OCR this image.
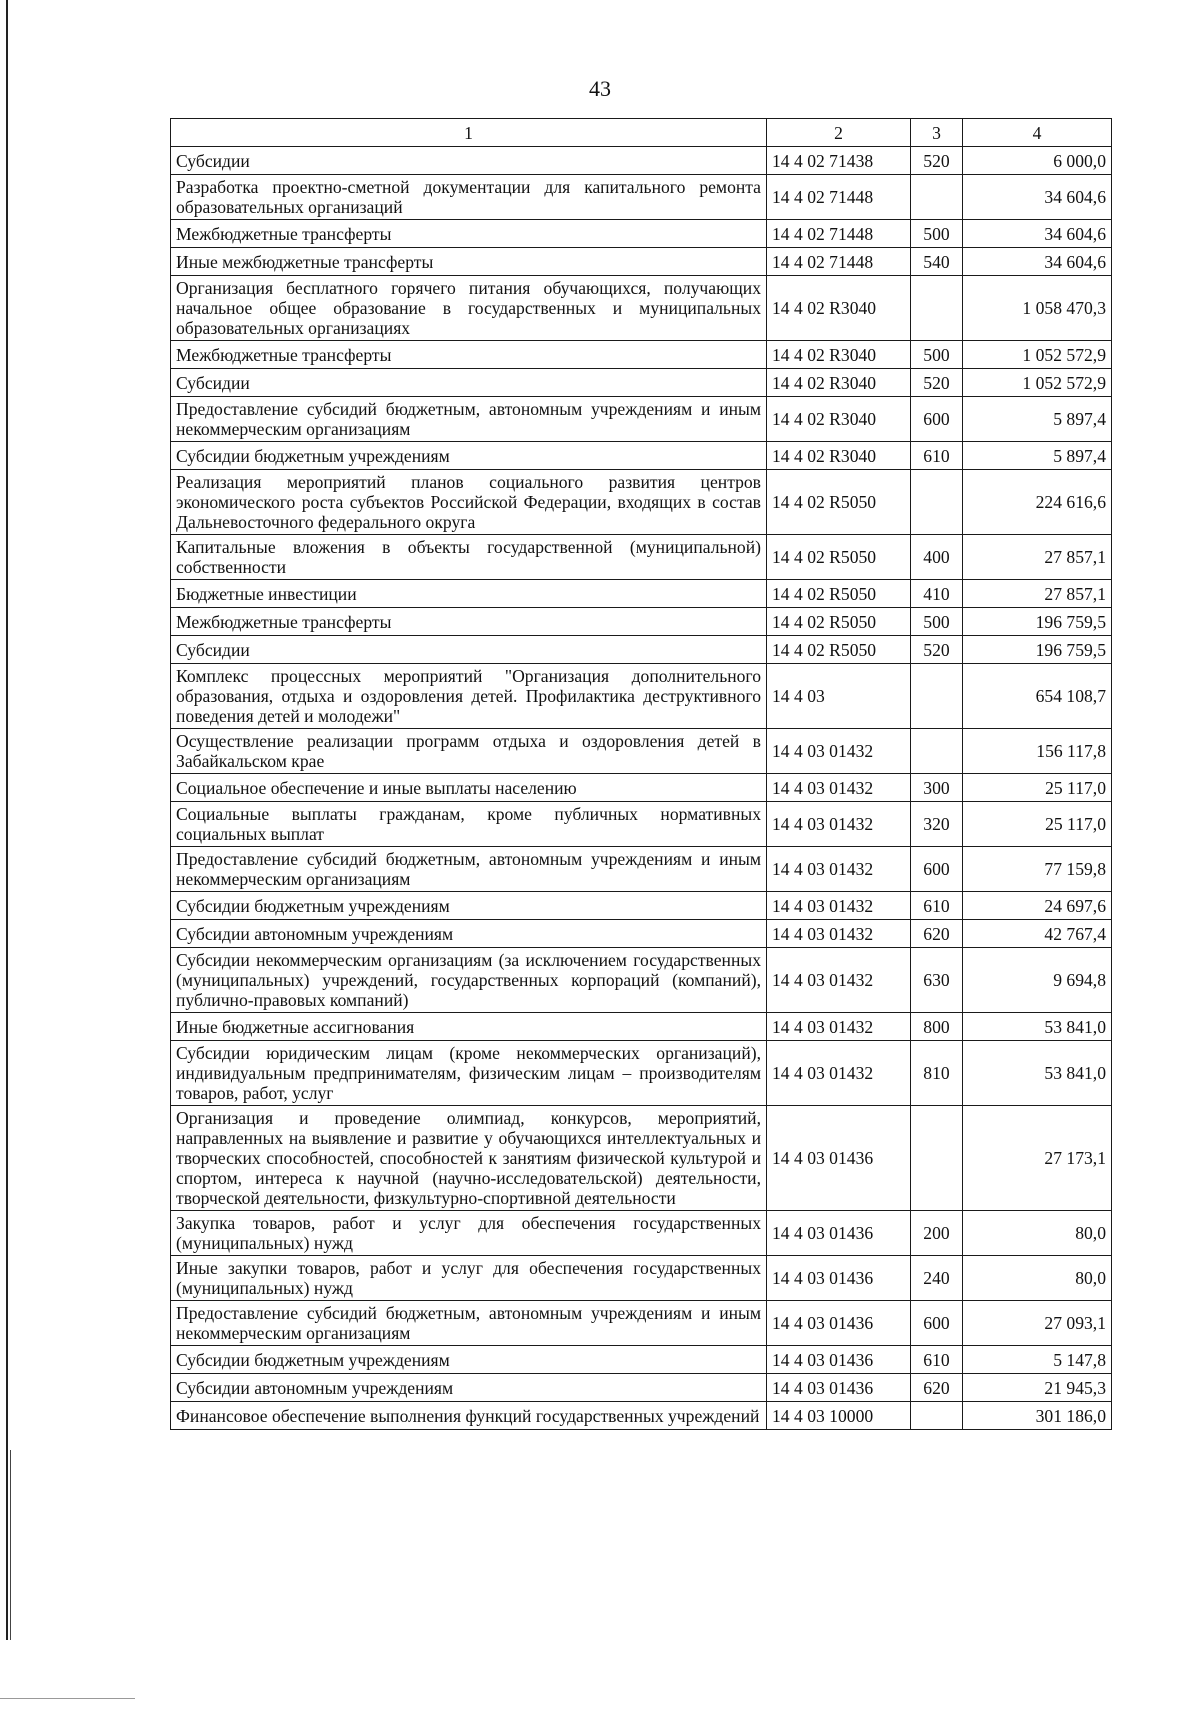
43
1	2	3	4
Субсидии	14 4 02 71438	520	6 000,0
Разработка проектно-сметной документации для капитального ремонта образовательных организаций	14 4 02 71448		34 604,6
Межбюджетные трансферты	14 4 02 71448	500	34 604,6
Иные межбюджетные трансферты	14 4 02 71448	540	34 604,6
Организация бесплатного горячего питания обучающихся, получающих начальное общее образование в государственных и муниципальных образовательных организациях	14 4 02 R3040		1 058 470,3
Межбюджетные трансферты	14 4 02 R3040	500	1 052 572,9
Субсидии	14 4 02 R3040	520	1 052 572,9
Предоставление субсидий бюджетным, автономным учреждениям и иным некоммерческим организациям	14 4 02 R3040	600	5 897,4
Субсидии бюджетным учреждениям	14 4 02 R3040	610	5 897,4
Реализация мероприятий планов социального развития центров экономического роста субъектов Российской Федерации, входящих в состав Дальневосточного федерального округа	14 4 02 R5050		224 616,6
Капитальные вложения в объекты государственной (муниципальной) собственности	14 4 02 R5050	400	27 857,1
Бюджетные инвестиции	14 4 02 R5050	410	27 857,1
Межбюджетные трансферты	14 4 02 R5050	500	196 759,5
Субсидии	14 4 02 R5050	520	196 759,5
Комплекс процессных мероприятий "Организация дополнительного образования, отдыха и оздоровления детей. Профилактика деструктивного поведения детей и молодежи"	14 4 03		654 108,7
Осуществление реализации программ отдыха и оздоровления детей в Забайкальском крае	14 4 03 01432		156 117,8
Социальное обеспечение и иные выплаты населению	14 4 03 01432	300	25 117,0
Социальные выплаты гражданам, кроме публичных нормативных социальных выплат	14 4 03 01432	320	25 117,0
Предоставление субсидий бюджетным, автономным учреждениям и иным некоммерческим организациям	14 4 03 01432	600	77 159,8
Субсидии бюджетным учреждениям	14 4 03 01432	610	24 697,6
Субсидии автономным учреждениям	14 4 03 01432	620	42 767,4
Субсидии некоммерческим организациям (за исключением государственных (муниципальных) учреждений, государственных корпораций (компаний), публично-правовых компаний)	14 4 03 01432	630	9 694,8
Иные бюджетные ассигнования	14 4 03 01432	800	53 841,0
Субсидии юридическим лицам (кроме некоммерческих организаций), индивидуальным предпринимателям, физическим лицам – производителям товаров, работ, услуг	14 4 03 01432	810	53 841,0
Организация и проведение олимпиад, конкурсов, мероприятий, направленных на выявление и развитие у обучающихся интеллектуальных и творческих способностей, способностей к занятиям физической культурой и спортом, интереса к научной (научно-исследовательской) деятельности, творческой деятельности, физкультурно-спортивной деятельности	14 4 03 01436		27 173,1
Закупка товаров, работ и услуг для обеспечения государственных (муниципальных) нужд	14 4 03 01436	200	80,0
Иные закупки товаров, работ и услуг для обеспечения государственных (муниципальных) нужд	14 4 03 01436	240	80,0
Предоставление субсидий бюджетным, автономным учреждениям и иным некоммерческим организациям	14 4 03 01436	600	27 093,1
Субсидии бюджетным учреждениям	14 4 03 01436	610	5 147,8
Субсидии автономным учреждениям	14 4 03 01436	620	21 945,3
Финансовое обеспечение выполнения функций государственных учреждений	14 4 03 10000		301 186,0
